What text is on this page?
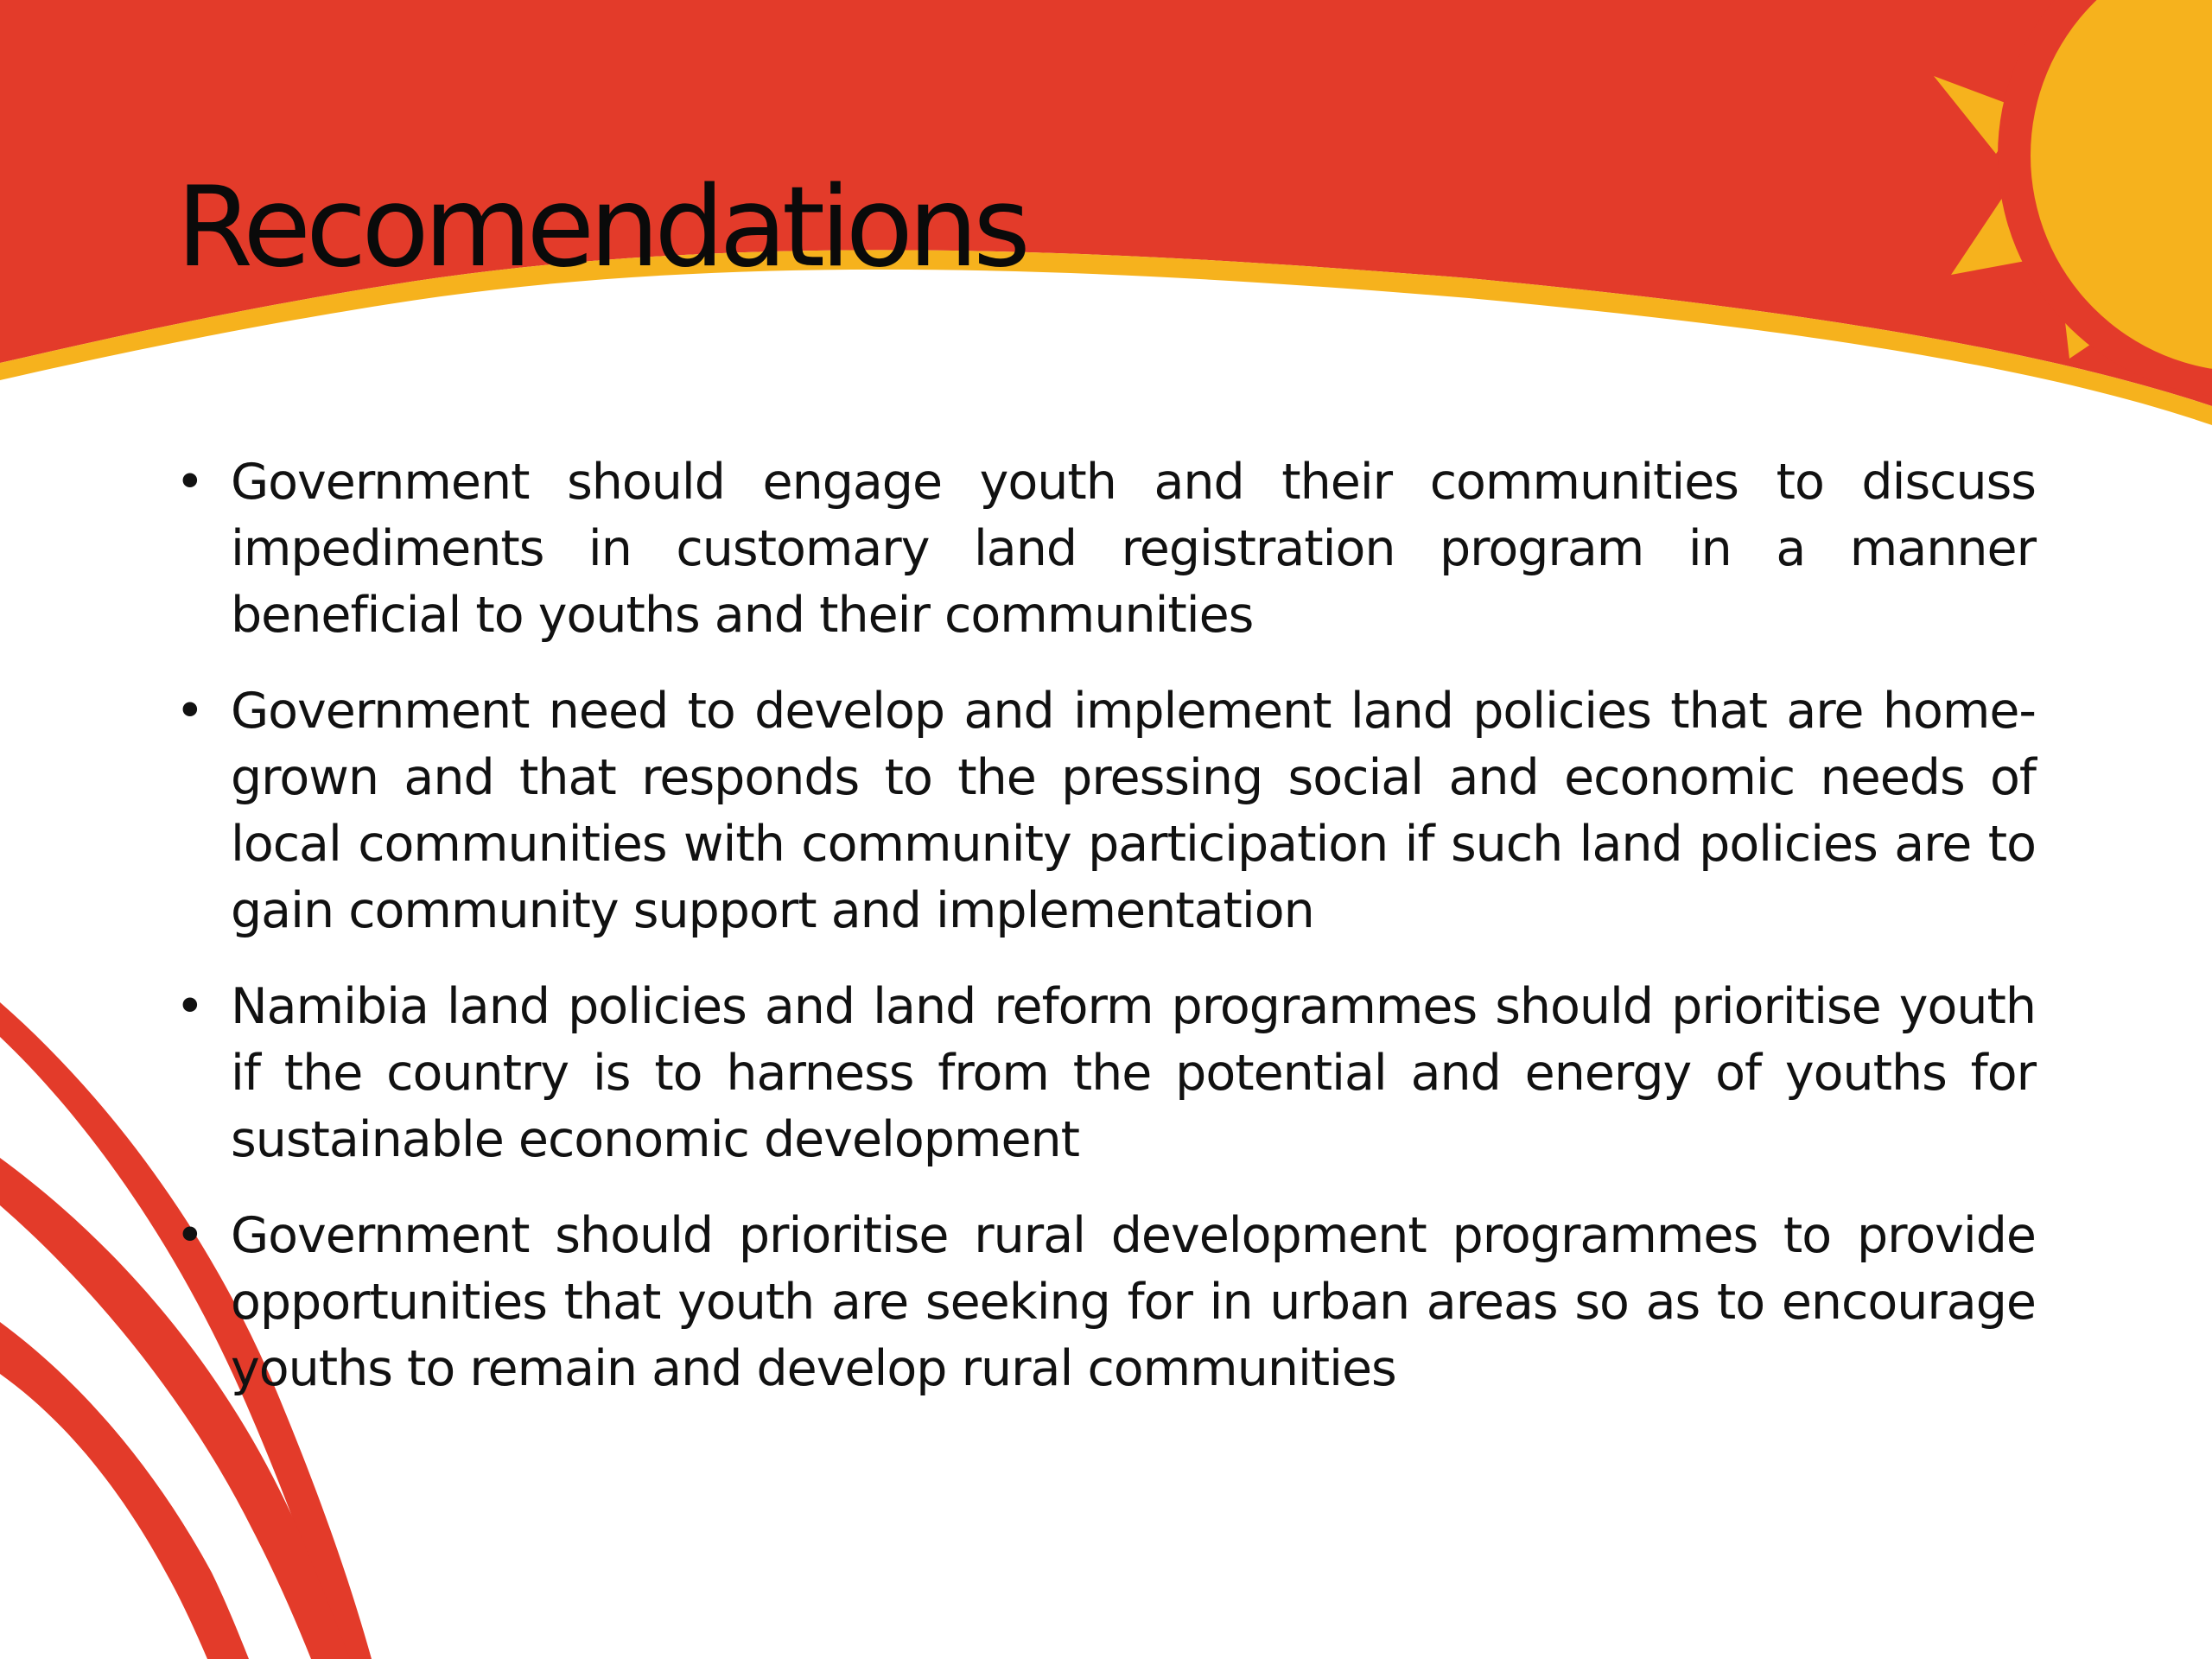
Recomendations
• Government should engage youth and their communities to discuss impediments in customary land registration program in a manner beneficial to youths and their communities
• Government need to develop and implement land policies that are home-grown and that responds to the pressing social and economic needs of local communities with community participation if such land policies are to gain community support and implementation
• Namibia land policies and land reform programmes should prioritise youth if the country is to harness from the potential and energy of youths for sustainable economic development
• Government should prioritise rural development programmes to provide opportunities that youth are seeking for in urban areas so as to encourage youths to remain and develop rural communities
